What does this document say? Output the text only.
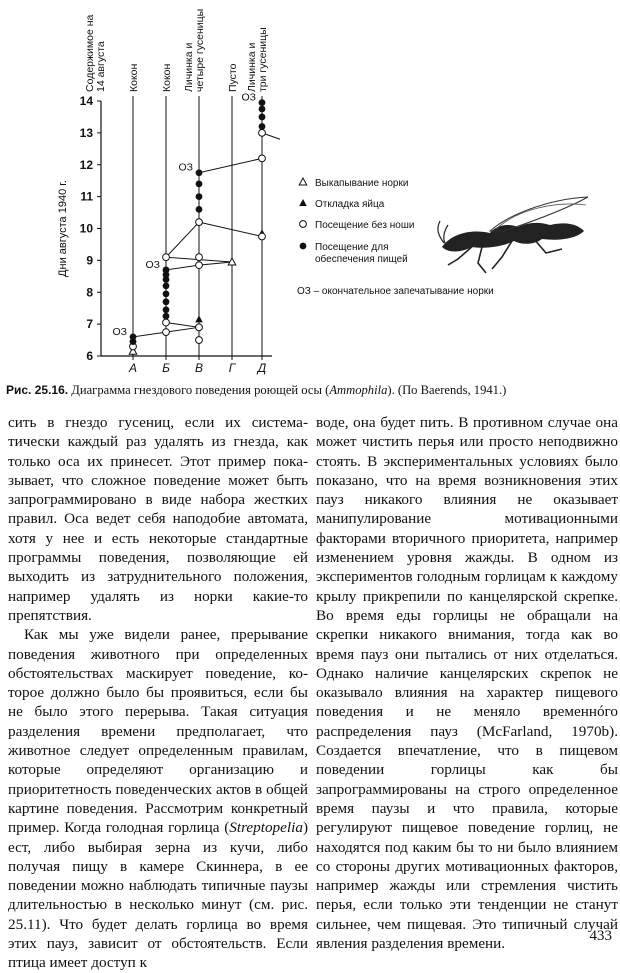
Содержимое на 14 августа Кокон Кокон Личинка и четыре гусеницы Пусто Личинка и три гусеницы
6
7
8
9
10
11
12
13
14
Дни августа 1940 г.
А Б В Г Д
ОЗ
ОЗ
ОЗ
ОЗ
Выкапывание норки
Откладка яйца
Посещение без ноши
Посещение для
обеспечения пищей
ОЗ – окончательное запечатывание норки
Рис. 25.16. Диаграмма гнездового поведения роющей осы (Ammophila). (По Baerends, 1941.)

сить в гнездо гусениц, если их систематически каждый раз удалять из гнезда, как только оса их принесет. Этот пример показывает, что сложное поведение может быть запрограммировано в виде набора жестких правил. Оса ведет себя наподобие автомата, хотя у нее и есть некоторые стандартные программы поведения, позволяющие ей выходить из затруднительного положения, например удалять из норки какие-то препятствия.

Как мы уже видели ранее, прерывание поведения животного при определенных обстоятельствах маскирует поведение, которое должно было бы проявиться, если бы не было этого перерыва. Такая ситуация разделения времени предполагает, что животное следует определенным правилам, которые определяют организацию и приоритетность поведенческих актов в общей картине поведения. Рассмотрим конкретный пример. Когда голодная горлица (Streptopelia) ест, либо выбирая зерна из кучи, либо получая пищу в камере Скиннера, в ее поведении можно наблюдать типичные паузы длительностью в несколько минут (см. рис. 25.11). Что будет делать горлица во время этих пауз, зависит от обстоятельств. Если птица имеет доступ к

воде, она будет пить. В противном случае она может чистить перья или просто неподвижно стоять. В экспериментальных условиях было показано, что на время возникновения этих пауз никакого влияния не оказывает манипулирование мотивационными факторами вторичного приоритета, например изменением уровня жажды. В одном из экспериментов голодным горлицам к каждому крылу прикрепили по канцелярской скрепке. Во время еды горлицы не обращали на скрепки никакого внимания, тогда как во время пауз они пытались от них отделаться. Однако наличие канцелярских скрепок не оказывало влияния на характер пищевого поведения и не меняло временнóго распределения пауз (McFarland, 1970b). Создается впечатление, что в пищевом поведении горлицы как бы запрограммированы на строго определенное время паузы и что правила, которые регулируют пищевое поведение горлиц, не находятся под каким бы то ни было влиянием со стороны других мотивационных факторов, например жажды или стремления чистить перья, если только эти тенденции не станут сильнее, чем пищевая. Это типичный случай явления разделения времени.	433
